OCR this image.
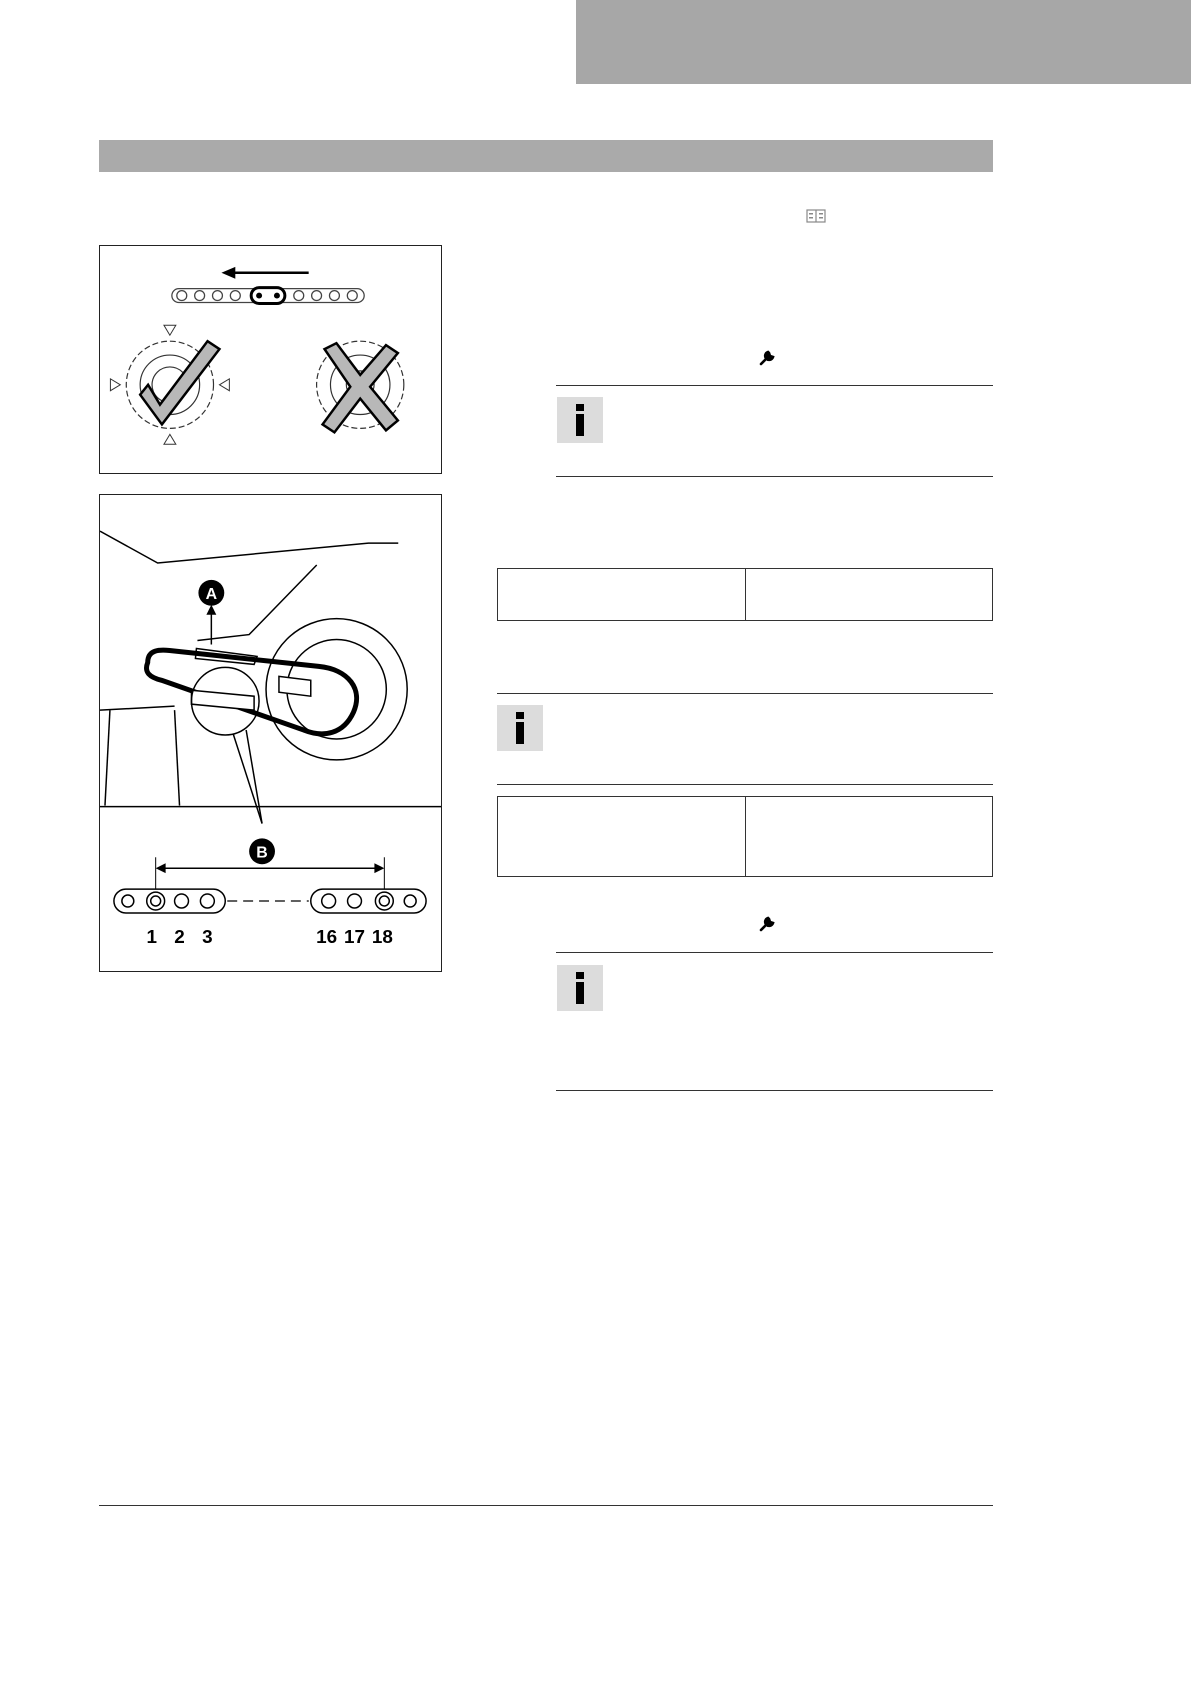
A
B
1 2 3	16 17 18
